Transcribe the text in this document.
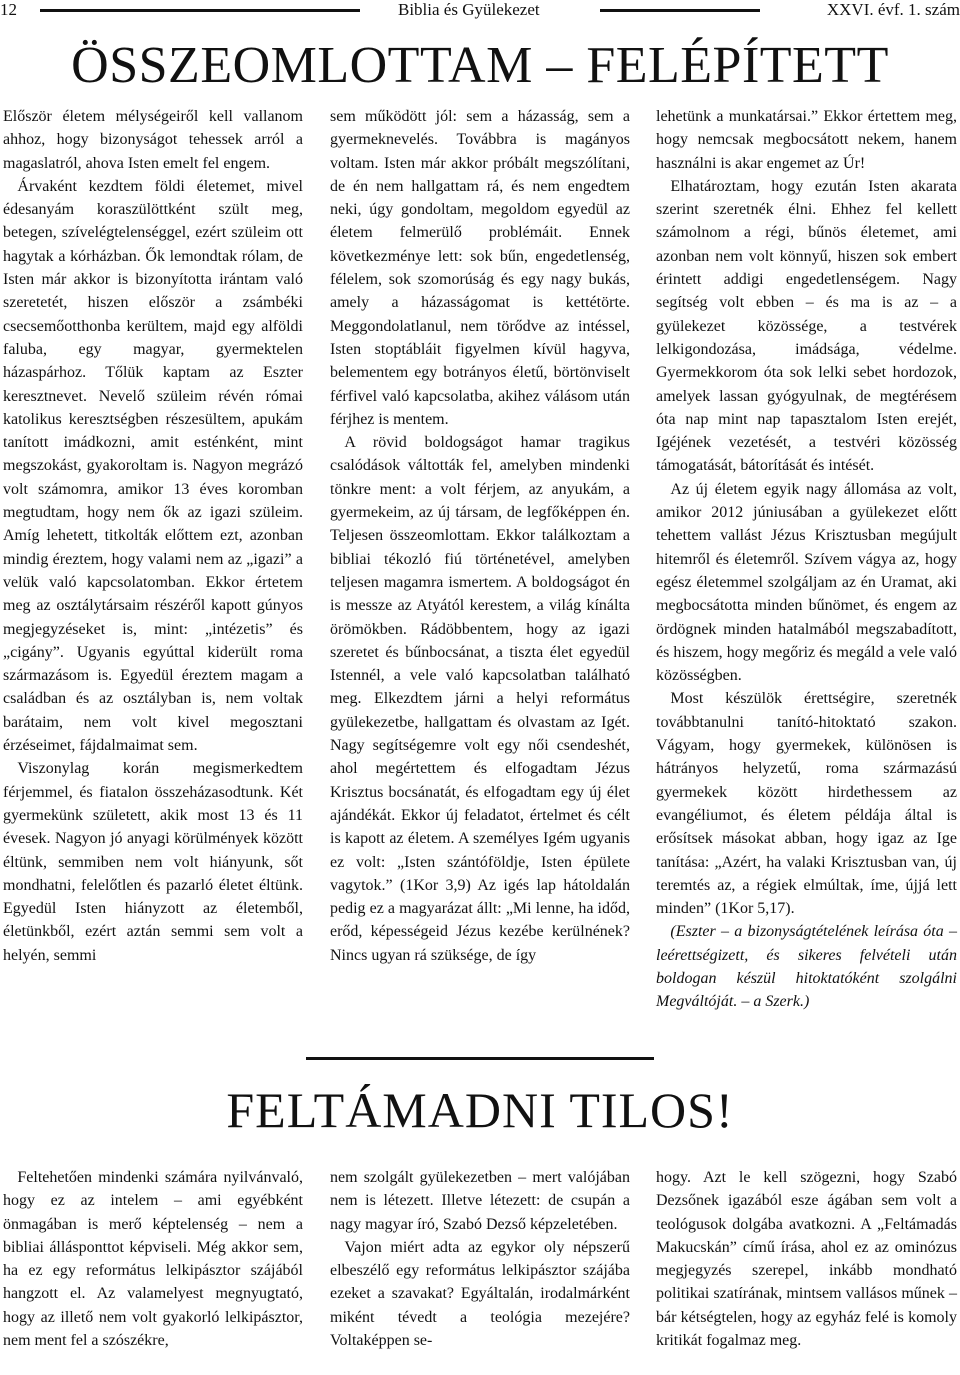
12	Biblia és Gyülekezet	XXVI. évf. 1. szám
ÖSSZEOMLOTTAM – FELÉPÍTETT

Először életem mélységeiről kell vallanom ahhoz, hogy bizonyságot tehessek arról a magaslatról, ahova Isten emelt fel engem.

Árvaként kezdtem földi életemet, mivel édesanyám koraszülöttként szült meg, betegen, szívelégtelenséggel, ezért szüleim ott hagytak a kórházban. Ők lemondtak rólam, de Isten már akkor is bizonyította irántam való szeretetét, hiszen először a zsámbéki csecsemőotthonba kerültem, majd egy alföldi faluba, egy magyar, gyermektelen házaspárhoz. Tőlük kaptam az Eszter keresztnevet. Nevelő szüleim révén római katolikus keresztségben részesültem, apukám tanított imádkozni, amit esténként, mint megszokást, gyakoroltam is. Nagyon megrázó volt számomra, amikor 13 éves koromban megtudtam, hogy nem ők az igazi szüleim. Amíg lehetett, titkolták előttem ezt, azonban mindig éreztem, hogy valami nem az „igazi” a velük való kapcsolatomban. Ekkor értetem meg az osztálytársaim részéről kapott gúnyos megjegyzéseket is, mint: „intézetis” és „cigány”. Ugyanis egyúttal kiderült roma származásom is. Egyedül éreztem magam a családban és az osztályban is, nem voltak barátaim, nem volt kivel megosztani érzéseimet, fájdalmaimat sem.

Viszonylag korán megismerkedtem férjemmel, és fiatalon összeházasodtunk. Két gyermekünk született, akik most 13 és 11 évesek. Nagyon jó anyagi körülmények között éltünk, semmiben nem volt hiányunk, sőt mondhatni, felelőtlen és pazarló életet éltünk. Egyedül Isten hiányzott az életemből, életünkből, ezért aztán semmi sem volt a helyén, semmi

sem működött jól: sem a házasság, sem a gyermeknevelés. Továbbra is magányos voltam. Isten már akkor próbált megszólítani, de én nem hallgattam rá, és nem engedtem neki, úgy gondoltam, megoldom egyedül az életem felmerülő problémáit. Ennek következménye lett: sok bűn, engedetlenség, félelem, sok szomorúság és egy nagy bukás, amely a házasságomat is kettétörte. Meggondolatlanul, nem törődve az intéssel, Isten stoptábláit figyelmen kívül hagyva, belementem egy botrányos életű, börtönviselt férfivel való kapcsolatba, akihez válásom után férjhez is mentem.

A rövid boldogságot hamar tragikus csalódások váltották fel, amelyben mindenki tönkre ment: a volt férjem, az anyukám, a gyermekeim, az új társam, de legfőképpen én. Teljesen összeomlottam. Ekkor találkoztam a bibliai tékozló fiú történetével, amelyben teljesen magamra ismertem. A boldogságot én is messze az Atyától kerestem, a világ kínálta örömökben. Rádöbbentem, hogy az igazi szeretet és bűnbocsánat, a tiszta élet egyedül Istennél, a vele való kapcsolatban található meg. Elkezdtem járni a helyi református gyülekezetbe, hallgattam és olvastam az Igét. Nagy segítségemre volt egy női csendeshét, ahol megértettem és elfogadtam Jézus Krisztus bocsánatát, és elfogadtam egy új élet ajándékát. Ekkor új feladatot, értelmet és célt is kapott az életem. A személyes Igém ugyanis ez volt: „Isten szántóföldje, Isten épülete vagytok.” (1Kor 3,9) Az igés lap hátoldalán pedig ez a magyarázat állt: „Mi lenne, ha időd, erőd, képességeid Jézus kezébe kerülnének? Nincs ugyan rá szüksége, de így

lehetünk a munkatársai.” Ekkor értettem meg, hogy nemcsak megbocsátott nekem, hanem használni is akar engemet az Úr!

Elhatároztam, hogy ezután Isten akarata szerint szeretnék élni. Ehhez fel kellett számolnom a régi, bűnös életemet, ami azonban nem volt könnyű, hiszen sok embert érintett addigi engedetlenségem. Nagy segítség volt ebben – és ma is az – a gyülekezet közössége, a testvérek lelkigondozása, imádsága, védelme. Gyermekkorom óta sok lelki sebet hordozok, amelyek lassan gyógyulnak, de megtérésem óta nap mint nap tapasztalom Isten erejét, Igéjének vezetését, a testvéri közösség támogatását, bátorítását és intését.

Az új életem egyik nagy állomása az volt, amikor 2012 júniusában a gyülekezet előtt tehettem vallást Jézus Krisztusban megújult hitemről és életemről. Szívem vágya az, hogy egész életemmel szolgáljam az én Uramat, aki megbocsátotta minden bűnömet, és engem az ördögnek minden hatalmából megszabadított, és hiszem, hogy megőriz és megáld a vele való közösségben.

Most készülök érettségire, szeretnék továbbtanulni tanító-hitoktató szakon. Vágyam, hogy gyermekek, különösen is hátrányos helyzetű, roma származású gyermekek között hirdethessem az evangéliumot, és életem példája által is erősítsek másokat abban, hogy igaz az Ige tanítása: „Azért, ha valaki Krisztusban van, új teremtés az, a régiek elmúltak, íme, újjá lett minden” (1Kor 5,17).

(Eszter – a bizonyságtételének leírása óta – leérettségizett, és sikeres felvételi után boldogan készül hitoktatóként szolgálni Megváltóját. – a Szerk.)

FELTÁMADNI TILOS!

Feltehetően mindenki számára nyilvánvaló, hogy ez az intelem – ami egyébként önmagában is merő képtelenség – nem a bibliai állásponttot képviseli. Még akkor sem, ha ez egy református lelkipásztor szájából hangzott el. Az valamelyest megnyugtató, hogy az illető nem volt gyakorló lelkipásztor, nem ment fel a szószékre,

nem szolgált gyülekezetben – mert valójában nem is létezett. Illetve létezett: de csupán a nagy magyar író, Szabó Dezső képzeletében.

Vajon miért adta az egykor oly népszerű elbeszélő egy református lelkipásztor szájába ezeket a szavakat? Egyáltalán, irodalmárként miként tévedt a teológia mezejére? Voltaképpen se-

hogy. Azt le kell szögezni, hogy Szabó Dezsőnek igazából esze ágában sem volt a teológusok dolgába avatkozni. A „Feltámadás Makucskán” című írása, ahol ez az ominózus megjegyzés szerepel, inkább mondható politikai szatírának, mintsem vallásos műnek – bár kétségtelen, hogy az egyház felé is komoly kritikát fogalmaz meg.
